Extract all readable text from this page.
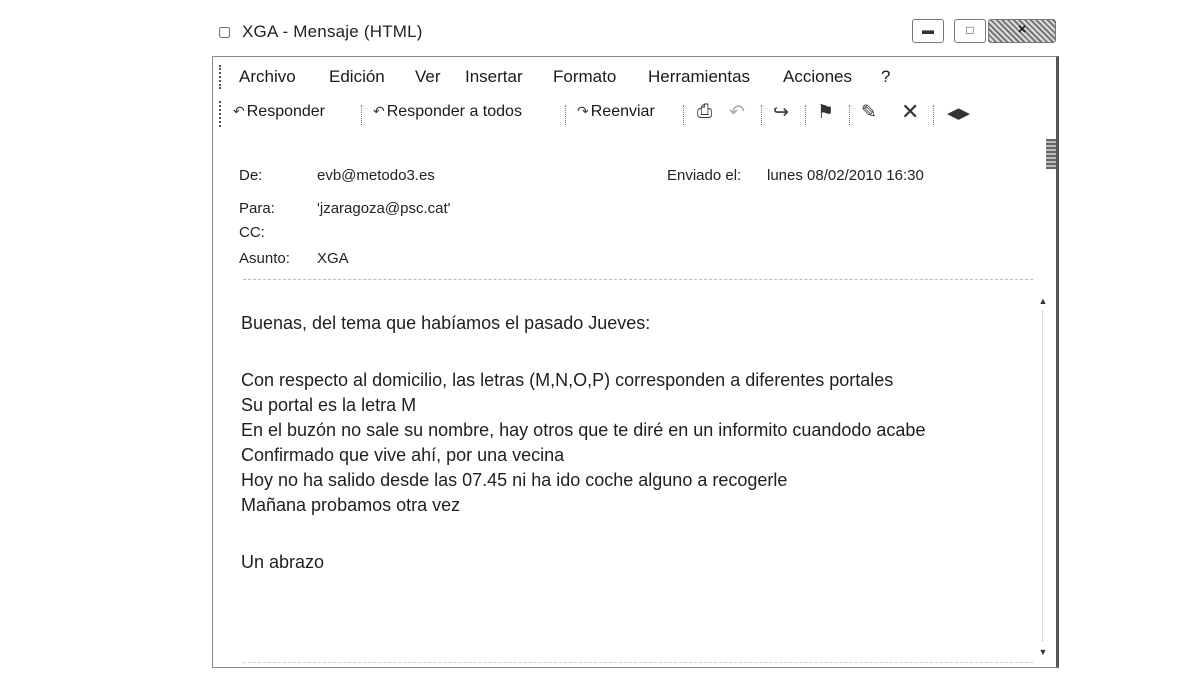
▢ XGA - Mensaje (HTML)	▬	□	✕
Archivo Edición Ver Insertar Formato Herramientas Acciones ?
↶ Responder	↶ Responder a todos	↷ Reenviar ⎙ ↶ ↪ ⚑ ✎ ✕ ◀▶
De:	evb@metodo3.es	Enviado el: lunes 08/02/2010 16:30
Para:	'jzaragoza@psc.cat'
CC:
Asunto: XGA

Buenas, del tema que habíamos el pasado Jueves:

Con respecto al domicilio, las letras (M,N,O,P) corresponden a diferentes portales

Su portal es la letra M

En el buzón no sale su nombre, hay otros que te diré en un informito cuandodo acabe

Confirmado que vive ahí, por una vecina

Hoy no ha salido desde las 07.45 ni ha ido coche alguno a recogerle

Mañana probamos otra vez

Un abrazo

▲
▼
